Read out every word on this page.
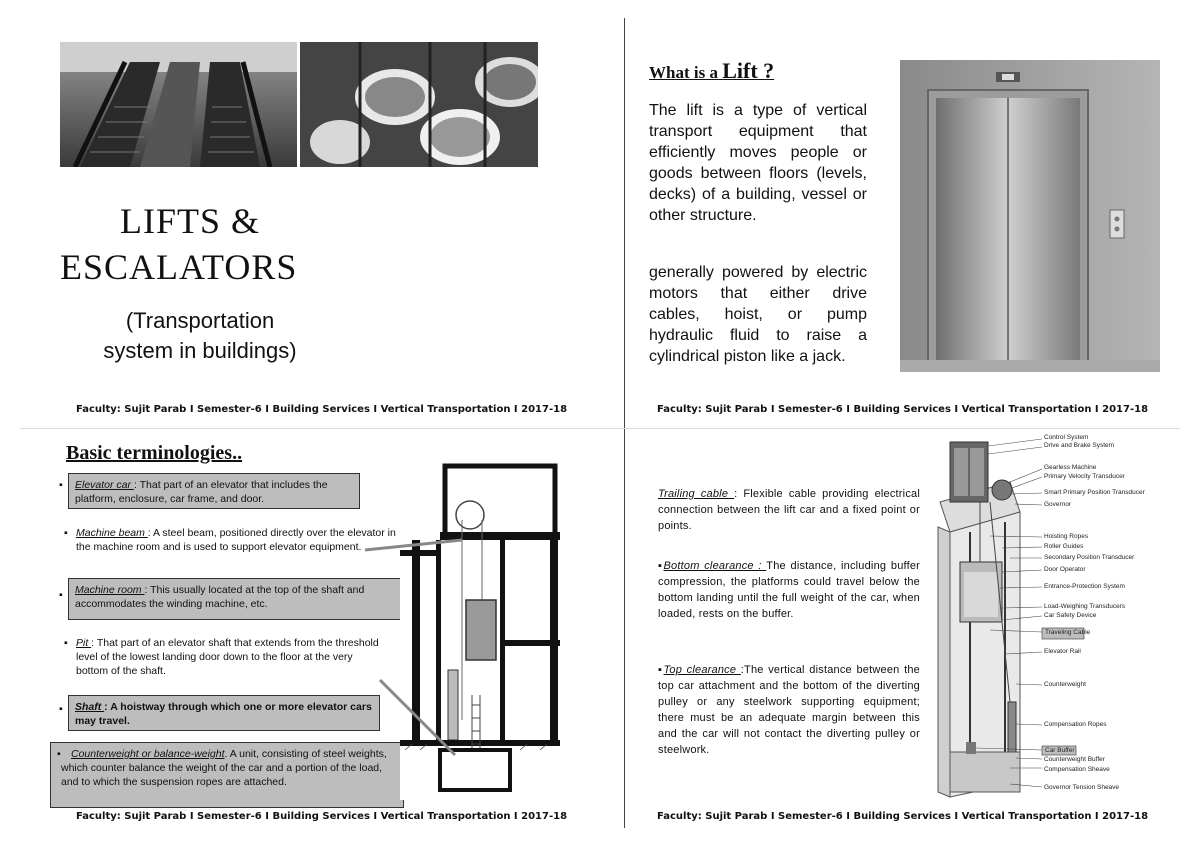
LIFTS &
ESCALATORS
(Transportation
system in buildings)
Faculty: Sujit Parab I Semester-6 I Building Services I Vertical Transportation I 2017-18
What is a Lift ?
The lift is a type of vertical transport equipment that efficiently moves people or goods between floors (levels, decks) of a building, vessel or other structure.
generally powered by electric motors that either drive cables, hoist, or pump hydraulic fluid to raise a cylindrical piston like a jack.
Faculty: Sujit Parab I Semester-6 I Building Services I Vertical Transportation I 2017-18
Basic terminologies..
▪ Elevator car : That part of an elevator that includes the platform, enclosure, car frame, and door.
▪ Machine beam : A steel beam, positioned directly over the elevator in the machine room and is used to support elevator equipment.
▪ Machine room : This usually located at the top of the shaft and accommodates the winding machine, etc.
▪ Pit : That part of an elevator shaft that extends from the threshold level of the lowest landing door down to the floor at the very bottom of the shaft.
▪ Shaft : A hoistway through which one or more elevator cars may travel.
▪ Counterweight or balance-weight. A unit, consisting of steel weights, which counter balance the weight of the car and a portion of the load, and to which the suspension ropes are attached.
Faculty: Sujit Parab I Semester-6 I Building Services I Vertical Transportation I 2017-18
Trailing cable : Flexible cable providing electrical connection between the lift car and a fixed point or points.
▪Bottom clearance : The distance, including buffer compression, the platforms could travel below the bottom landing until the full weight of the car, when loaded, rests on the buffer.
▪Top clearance :The vertical distance between the top car attachment and the bottom of the diverting pulley or any steelwork supporting equipment; there must be an adequate margin between this and the car will not contact the diverting pulley or steelwork.
Control System
Drive and Brake System
Gearless Machine
Primary Velocity Transducer
Smart Primary Position Transducer
Governor
Hoisting Ropes
Roller Guides
Secondary Position Transducer
Door Operator
Entrance-Protection System
Load-Weighing Transducers
Car Safety Device
Traveling Cable
Elevator Rail
Counterweight
Compensation Ropes
Car Buffer
Counterweight Buffer
Compensation Sheave
Governor Tension Sheave
Faculty: Sujit Parab I Semester-6 I Building Services I Vertical Transportation I 2017-18
